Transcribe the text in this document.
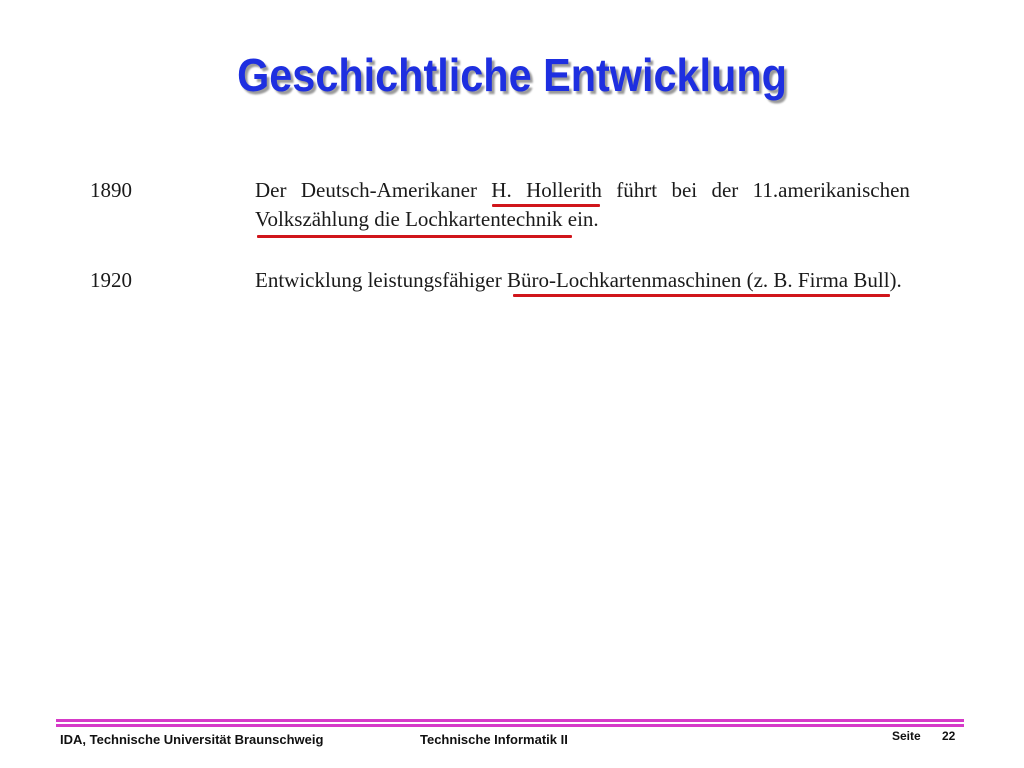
Geschichtliche Entwicklung
1890	Der Deutsch-Amerikaner H. Hollerith führt bei der 11.amerikanischen
Volkszählung die Lochkartentechnik ein.
1920	Entwicklung leistungsfähiger Büro-Lochkartenmaschinen (z. B. Firma Bull).
IDA, Technische Universität Braunschweig	Technische Informatik II	Seite 22
